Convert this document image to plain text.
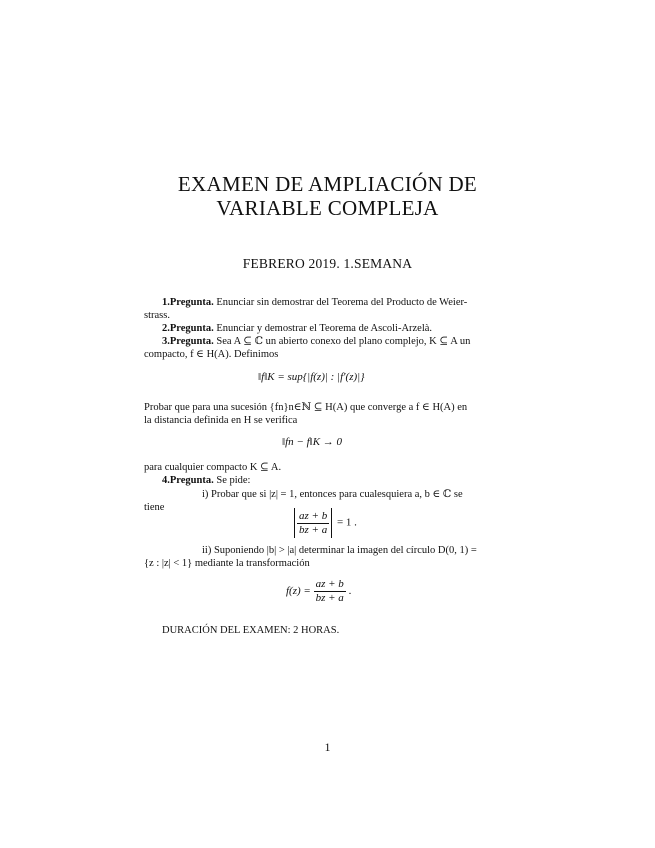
EXAMEN DE AMPLIACIÓN DE
VARIABLE COMPLEJA
FEBRERO 2019. 1.SEMANA
1.Pregunta. Enunciar sin demostrar del Teorema del Producto de Weier-
strass.
2.Pregunta. Enunciar y demostrar el Teorema de Ascoli-Arzelà.
3.Pregunta. Sea A ⊆ ℂ un abierto conexo del plano complejo, K ⊆ A un
compacto, f ∈ H(A). Definimos
‖f‖K = sup{|f(z)| : |f′(z)|}
Probar que para una sucesión {fn}n∈ℕ ⊆ H(A) que converge a f ∈ H(A) en
la distancia definida en H se verifica
‖fn − f‖K → 0
para cualquier compacto K ⊆ A.
4.Pregunta. Se pide:
i) Probar que si |z| = 1, entonces para cualesquiera a, b ∈ ℂ se
tiene
$\frac{az + b}{bz + a} = 1$ .
ii) Suponiendo |b| > |a| determinar la imagen del círculo D(0, 1) =
{z : |z| < 1} mediante la transformación
$f(z) = \frac{az + b}{bz + a}$ .
DURACIÓN DEL EXAMEN: 2 HORAS.
1
